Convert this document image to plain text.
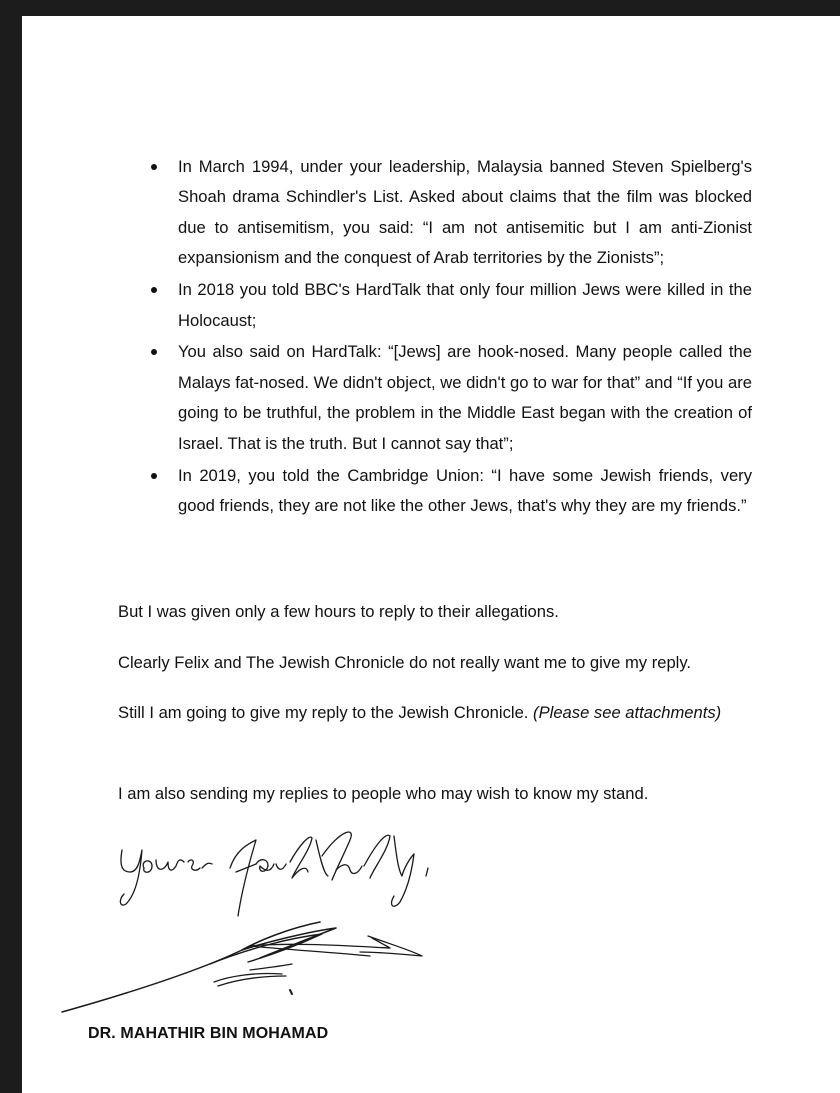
In March 1994, under your leadership, Malaysia banned Steven Spielberg's Shoah drama Schindler's List. Asked about claims that the film was blocked due to antisemitism, you said: “I am not antisemitic but I am anti-Zionist expansionism and the conquest of Arab territories by the Zionists”;
In 2018 you told BBC's HardTalk that only four million Jews were killed in the Holocaust;
You also said on HardTalk: “[Jews] are hook-nosed. Many people called the Malays fat-nosed. We didn't object, we didn't go to war for that” and “If you are going to be truthful, the problem in the Middle East began with the creation of Israel. That is the truth. But I cannot say that”;
In 2019, you told the Cambridge Union: “I have some Jewish friends, very good friends, they are not like the other Jews, that's why they are my friends.”

But I was given only a few hours to reply to their allegations.

Clearly Felix and The Jewish Chronicle do not really want me to give my reply.

Still I am going to give my reply to the Jewish Chronicle. (Please see attachments)

I am also sending my replies to people who may wish to know my stand.

DR. MAHATHIR BIN MOHAMAD
